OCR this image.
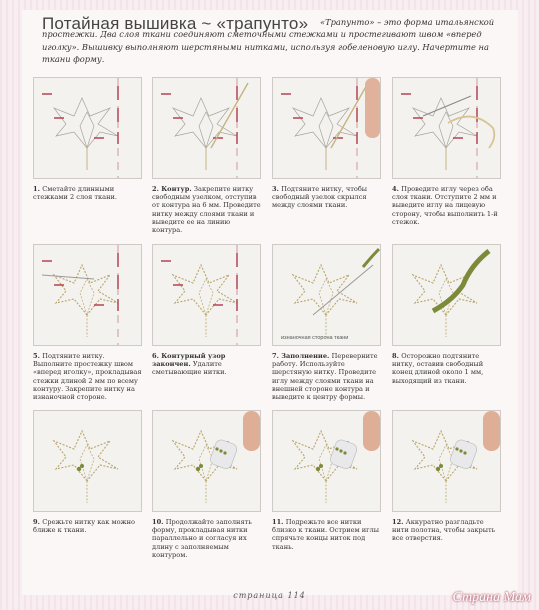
Потайная вышивка ~ «трапунто»	«Трапунто» – это форма итальянской простежки. Два слоя ткани соединяют сметочными стежками и простегивают швом «вперед иголку». Вышивку выполняют шерстяными нитками, используя гобеленовую иглу. Начертите на ткани форму.
1. Сметайте длинными стежками 2 слоя ткани.
2. Контур. Закрепите нитку свободным узелком, отступив от контура на 6 мм. Проведите нитку между слоями ткани и выведите ее на линию контура.
3. Подтяните нитку, чтобы свободный узелок скрылся между слоями ткани.
4. Проведите иглу через оба слоя ткани. Отступите 2 мм и выведите иглу на лицевую сторону, чтобы выполнить 1-й стежок.
5. Подтяните нитку. Выполните простежку швом «вперед иголку», прокладывая стежки длиной 2 мм по всему контуру. Закрепите нитку на изнаночной стороне.
6. Контурный узор закончен. Удалите сметывающие нитки.
изнаночная сторона ткани
7. Заполнение. Переверните работу. Используйте шерстяную нитку. Проведите иглу между слоями ткани на внешней стороне контура и выведите к центру формы.
8. Осторожно подтяните нитку, оставив свободный конец длиной около 1 мм, выходящий из ткани.
9. Срежьте нитку как можно ближе к ткани.
10. Продолжайте заполнять форму, прокладывая нитки параллельно и согласуя их длину с заполняемым контуром.
11. Подрежьте все нитки близко к ткани. Острием иглы спрячьте концы ниток под ткань.
12. Аккуратно разгладьте нити полотна, чтобы закрыть все отверстия.
страница 114	Страна Мам
